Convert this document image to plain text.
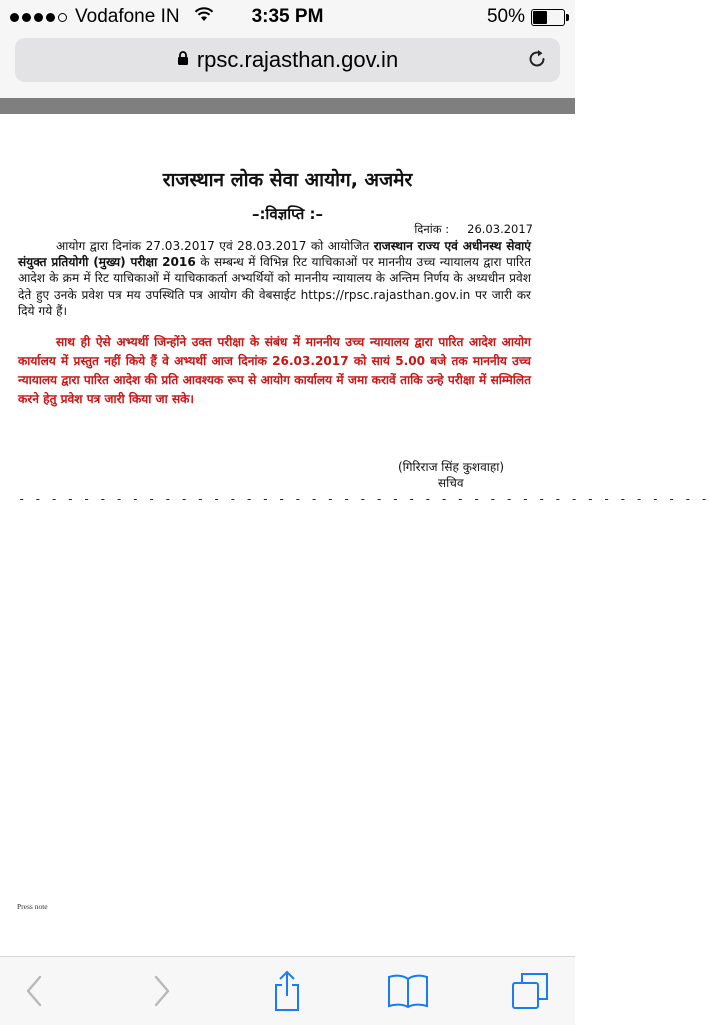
Vodafone IN	3:35 PM	50%
rpsc.rajasthan.gov.in
राजस्थान लोक सेवा आयोग, अजमेर
–:विज्ञप्ति :–
दिनांक : 26.03.2017
आयोग द्वारा दिनांक 27.03.2017 एवं 28.03.2017 को आयोजित राजस्थान राज्य एवं अधीनस्थ सेवाएं संयुक्त प्रतियोगी (मुख्य) परीक्षा 2016 के सम्बन्ध में विभिन्न रिट याचिकाओं पर माननीय उच्च न्यायालय द्वारा पारित आदेश के क्रम में रिट याचिकाओं में याचिकाकर्ता अभ्यर्थियों को माननीय न्यायालय के अन्तिम निर्णय के अध्यधीन प्रवेश देते हुए उनके प्रवेश पत्र मय उपस्थिति पत्र आयोग की वेबसाईट https://rpsc.rajasthan.gov.in पर जारी कर दिये गये हैं।
साथ ही ऐसे अभ्यर्थी जिन्होंने उक्त परीक्षा के संबंध में माननीय उच्च न्यायालय द्वारा पारित आदेश आयोग कार्यालय में प्रस्तुत नहीं किये हैं वे अभ्यर्थी आज दिनांक 26.03.2017 को सायं 5.00 बजे तक माननीय उच्च न्यायालय द्वारा पारित आदेश की प्रति आवश्यक रूप से आयोग कार्यालय में जमा करावें ताकि उन्हे परीक्षा में सम्मिलित करने हेतु प्रवेश पत्र जारी किया जा सके।
(गिरिराज सिंह कुशवाहा)
सचिव
- - - - - - - - - - - - - - - - - - - - - - - - - - - - - - - - - - - - - - - - - - -
Press note
